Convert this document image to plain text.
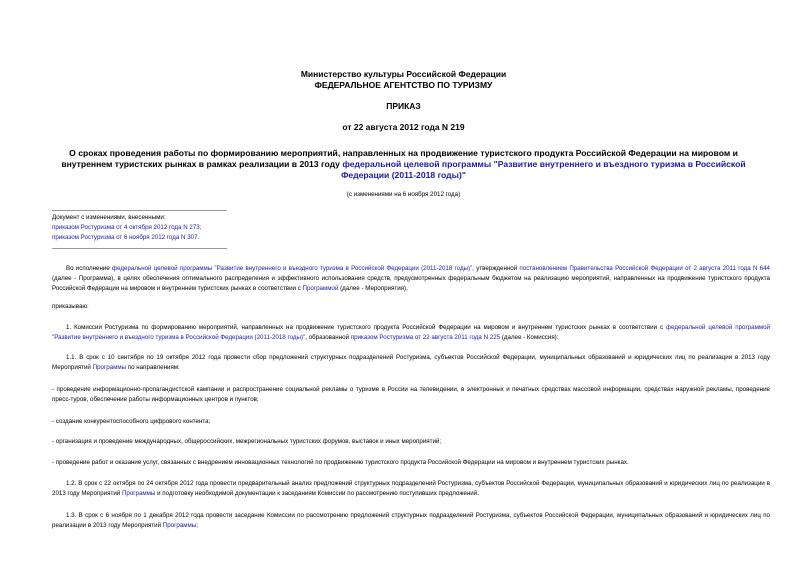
Министерство культуры Российской Федерации
ФЕДЕРАЛЬНОЕ АГЕНТСТВО ПО ТУРИЗМУ
ПРИКАЗ
от 22 августа 2012 года N 219
О сроках проведения работы по формированию мероприятий, направленных на продвижение туристского продукта Российской Федерации на мировом и внутреннем туристских рынках в рамках реализации в 2013 году федеральной целевой программы "Развитие внутреннего и въездного туризма в Российской Федерации (2011-2018 годы)"
(с изменениями на 6 ноября 2012 года)
Документ с изменениями, внесенными:
приказом Ростуризма от 4 октября 2012 года N 273;
приказом Ростуризма от 6 ноября 2012 года N 307.
Во исполнение федеральной целевой программы "Развитие внутреннего и въездного туризма в Российской Федерации (2011-2018 годы)", утвержденной постановлением Правительства Российской Федерации от 2 августа 2011 года N 644 (далее - Программа), в целях обеспечения оптимального распределения и эффективного использования средств, предусмотренных федеральным бюджетом на реализацию мероприятий, направленных на продвижение туристского продукта Российской Федерации на мировом и внутреннем туристских рынках в соответствии с Программой (далее - Мероприятия),
приказываю:
1. Комиссии Ростуризма по формированию мероприятий, направленных на продвижение туристского продукта Российской Федерации на мировом и внутреннем туристских рынках в соответствии с федеральной целевой программой "Развитие внутреннего и въездного туризма в Российской Федерации (2011-2018 годы)", образованной приказом Ростуризма от 22 августа 2011 года N 225 (далее - Комиссия):
1.1. В срок с 10 сентября по 19 октября 2012 года провести сбор предложений структурных подразделений Ростуризма, субъектов Российской Федерации, муниципальных образований и юридических лиц по реализации в 2013 году Мероприятий Программы по направлениям:
- проведение информационно-пропагандистской кампании и распространение социальной рекламы о туризме в России на телевидении, в электронных и печатных средствах массовой информации, средствах наружной рекламы, проведение пресс-туров, обеспечение работы информационных центров и пунктов;
- создание конкурентоспособного цифрового контента;
- организация и проведение международных, общероссийских, межрегиональных туристских форумов, выставок и иных мероприятий;
- проведение работ и оказание услуг, связанных с внедрением инновационных технологий по продвижению туристского продукта Российской Федерации на мировом и внутреннем туристских рынках.
1.2. В срок с 22 октября по 24 октября 2012 года провести предварительный анализ предложений структурных подразделений Ростуризма, субъектов Российской Федерации, муниципальных образований и юридических лиц по реализации в 2013 году Мероприятий Программы и подготовку необходимой документации к заседаниям Комиссии по рассмотрению поступивших предложений.
1.3. В срок с 6 ноября по 1 декабря 2012 года провести заседание Комиссии по рассмотрению предложений структурных подразделений Ростуризма, субъектов Российской Федерации, муниципальных образований и юридических лиц по реализации в 2013 году Мероприятий Программы;
